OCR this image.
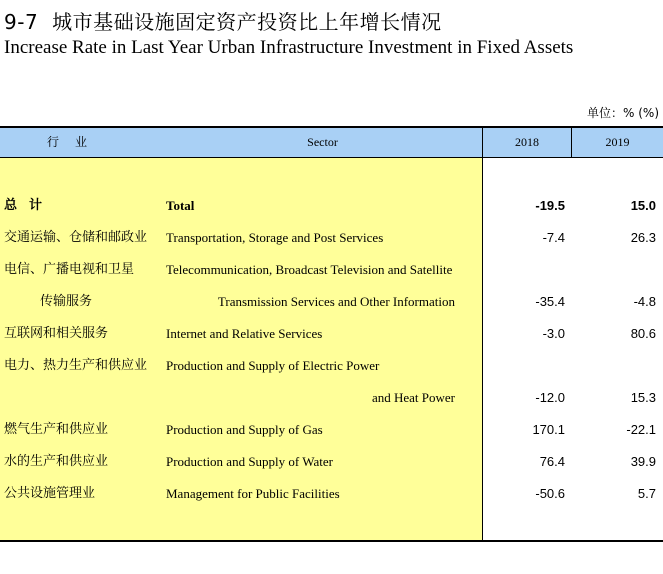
9-7 城市基础设施固定资产投资比上年增长情况
Increase Rate in Last Year Urban Infrastructure Investment in Fixed Assets
单位：% (%)
行业	Sector	2018	2019
总计	Total	-19.5	15.0
交通运输、仓储和邮政业 Transportation, Storage and Post Services	-7.4	26.3
电信、广播电视和卫星 Telecommunication, Broadcast Television and Satellite
传输服务	Transmission Services and Other Information	-35.4	-4.8
互联网和相关服务	Internet and Relative Services	-3.0	80.6
电力、热力生产和供应业 Production and Supply of Electric Power
and Heat Power	-12.0	15.3
燃气生产和供应业	Production and Supply of Gas	170.1	-22.1
水的生产和供应业	Production and Supply of Water	76.4	39.9
公共设施管理业	Management for Public Facilities	-50.6	5.7
